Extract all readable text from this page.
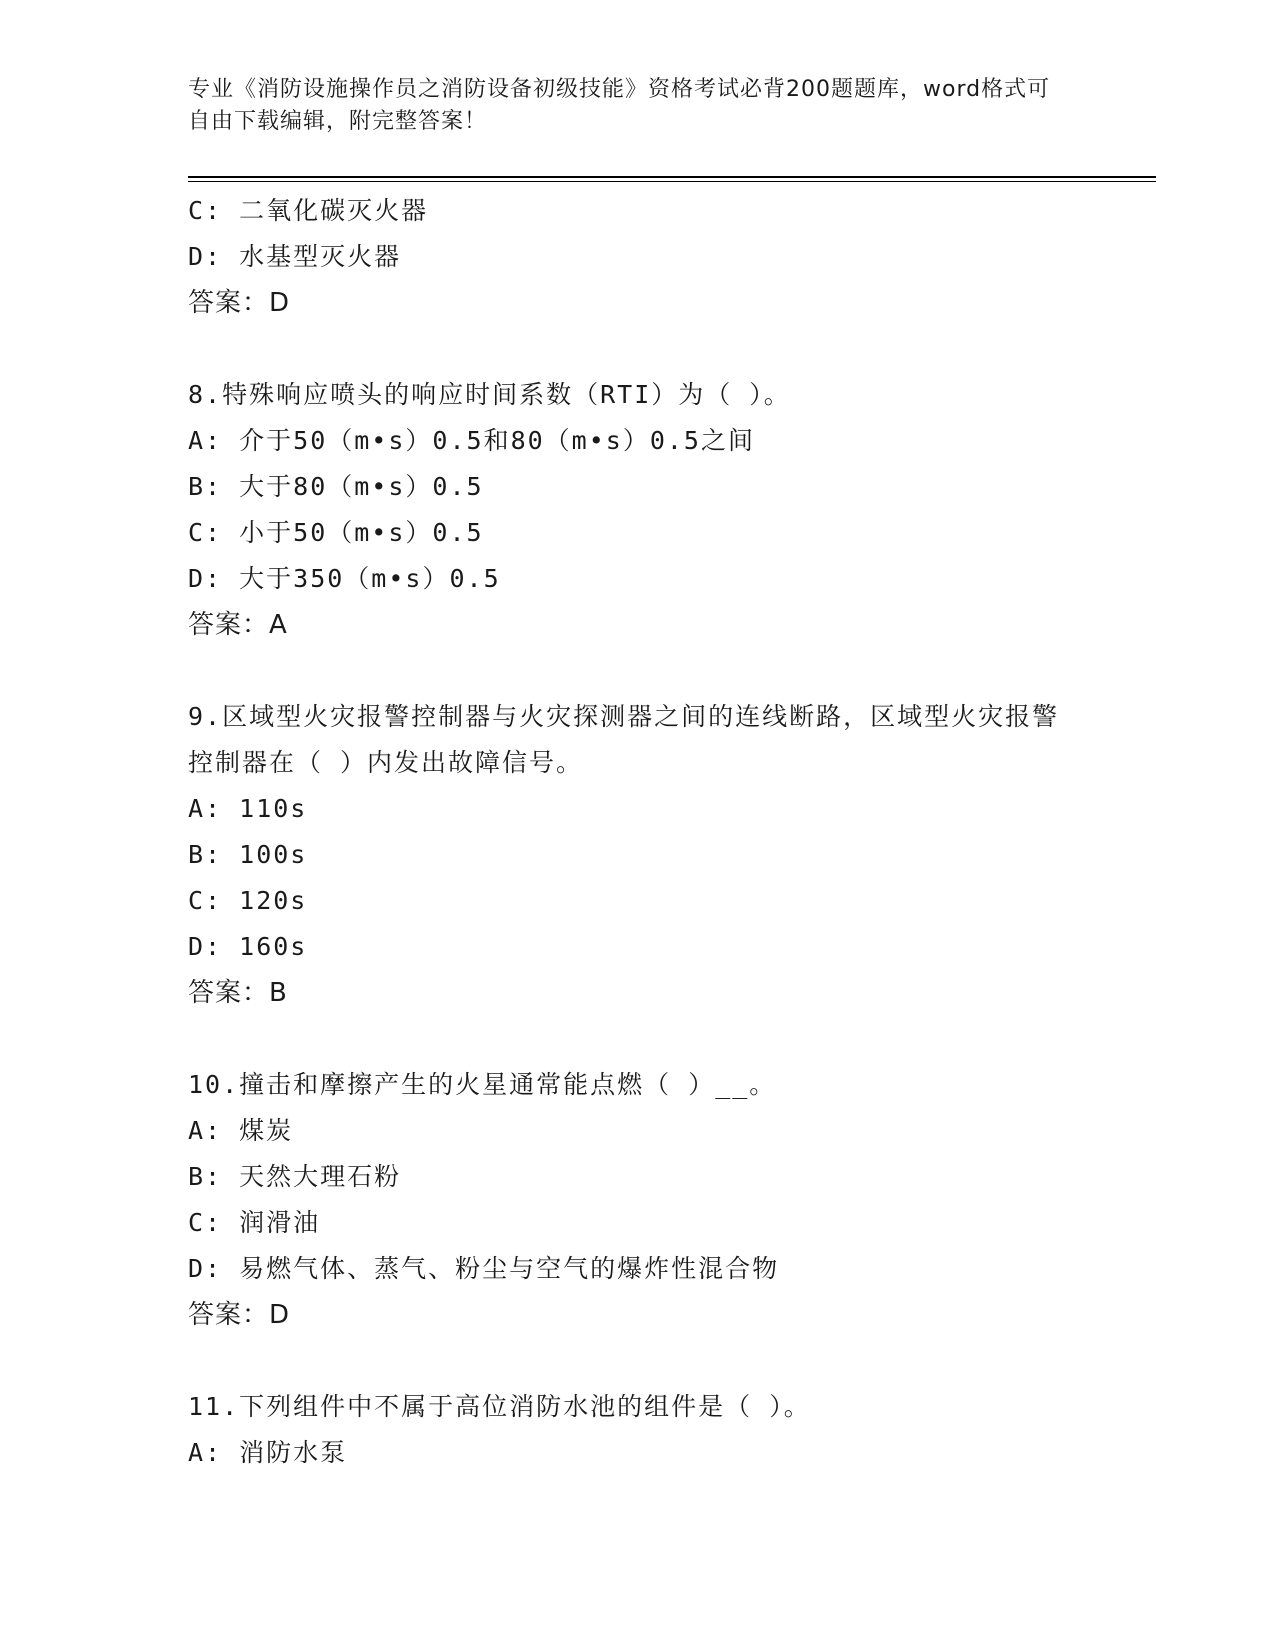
专业《消防设施操作员之消防设备初级技能》资格考试必背200题题库，word格式可自由下载编辑，附完整答案！

C: 二氧化碳灭火器

D: 水基型灭火器

答案：D

8.特殊响应喷头的响应时间系数（RTI）为（ ）。

A: 介于50（m•s）0.5和80（m•s）0.5之间

B: 大于80（m•s）0.5

C: 小于50（m•s）0.5

D: 大于350（m•s）0.5

答案：A

9.区域型火灾报警控制器与火灾探测器之间的连线断路，区域型火灾报警控制器在（ ）内发出故障信号。

A: 110s

B: 100s

C: 120s

D: 160s

答案：B

10.撞击和摩擦产生的火星通常能点燃（ ）__。

A: 煤炭

B: 天然大理石粉

C: 润滑油

D: 易燃气体、蒸气、粉尘与空气的爆炸性混合物

答案：D

11.下列组件中不属于高位消防水池的组件是（ ）。

A: 消防水泵
